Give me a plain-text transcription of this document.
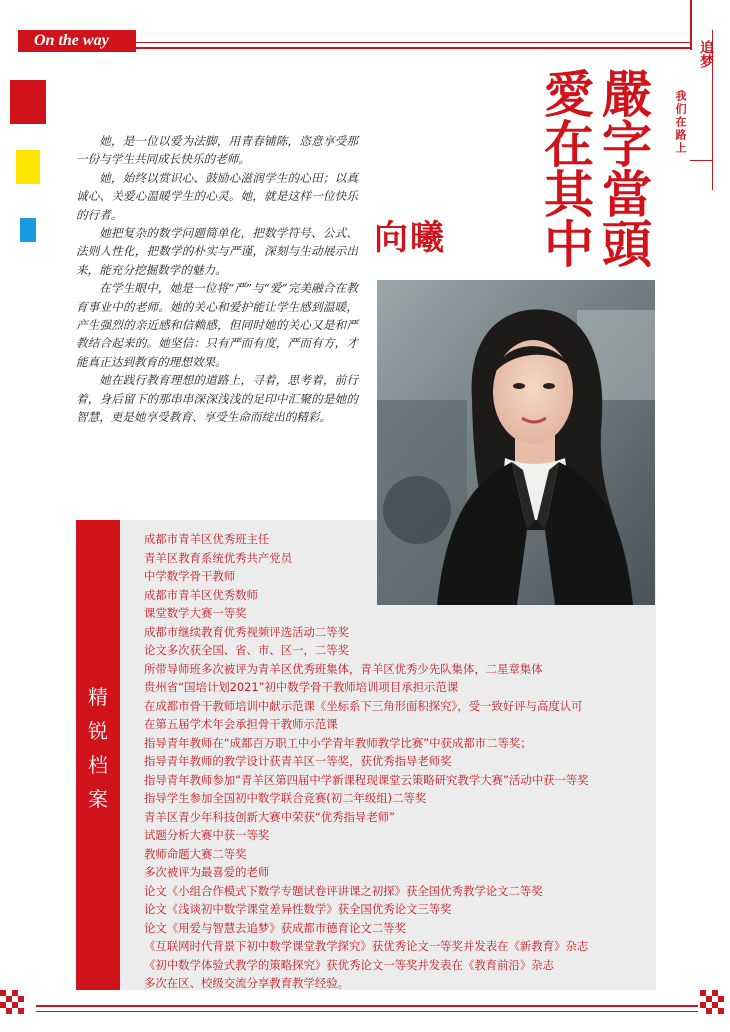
On the way	追梦
我们在路上
嚴字當頭
愛在其中
向曦

她，是一位以爱为法脚，用青春铺陈，恣意享受那一份与学生共同成长快乐的老师。

她，始终以赏识心、鼓励心滋润学生的心田；以真诚心、关爱心温暖学生的心灵。她，就是这样一位快乐的行者。

她把复杂的数学问题简单化，把数学符号、公式、法则人性化，把数学的朴实与严谨，深刻与生动展示出来，能充分挖掘数学的魅力。

在学生眼中，她是一位将“严”与“爱”完美融合在教育事业中的老师。她的关心和爱护能让学生感到温暖，产生强烈的亲近感和信赖感，但同时她的关心又是和严教结合起来的。她坚信：只有严而有度，严而有方，才能真正达到教育的理想效果。

她在践行教育理想的道路上，寻着，思考着，前行着，身后留下的那串串深深浅浅的足印中汇聚的是她的智慧，更是她享受教育、享受生命而绽出的精彩。

精锐档案
成都市青羊区优秀班主任
青羊区教育系统优秀共产党员
中学数学骨干教师
成都市青羊区优秀数师
课堂数学大赛一等奖
成都市继续教育优秀视频评选活动二等奖
论文多次获全国、省、市、区一，二等奖
所带导师班多次被评为青羊区优秀班集体，青羊区优秀少先队集体，二星章集体
贵州省“国培计划2021”初中数学骨干教师培训项目承担示范课
在成都市骨干教师培训中献示范课《坐标系下三角形面积探究》，受一致好评与高度认可
在第五届学术年会承担骨干教师示范课
指导青年教师在“成都百万职工中小学青年教师教学比赛”中获成都市二等奖；
指导青年教师的教学设计获青羊区一等奖，获优秀指导老师奖
指导青年教师参加“青羊区第四届中学新课程现课堂云策略研究教学大赛”活动中获一等奖
指导学生参加全国初中数学联合竞赛(初二年级组)二等奖
青羊区青少年科技创新大赛中荣获“优秀指导老师”
试题分析大赛中获一等奖
教师命题大赛二等奖
多次被评为最喜爱的老师
论文《小组合作模式下数学专题试卷评讲课之初探》获全国优秀教学论文二等奖
论文《浅谈初中数学课堂差异性数学》获全国优秀论文三等奖
论文《用爱与智慧去追梦》获成都市德育论文二等奖
《互联网时代背景下初中数学课堂教学探究》获优秀论文一等奖并发表在《新教育》杂志
《初中数学体验式教学的策略探究》获优秀论文一等奖并发表在《教育前沿》杂志
多次在区、校级交流分享教育教学经验。
